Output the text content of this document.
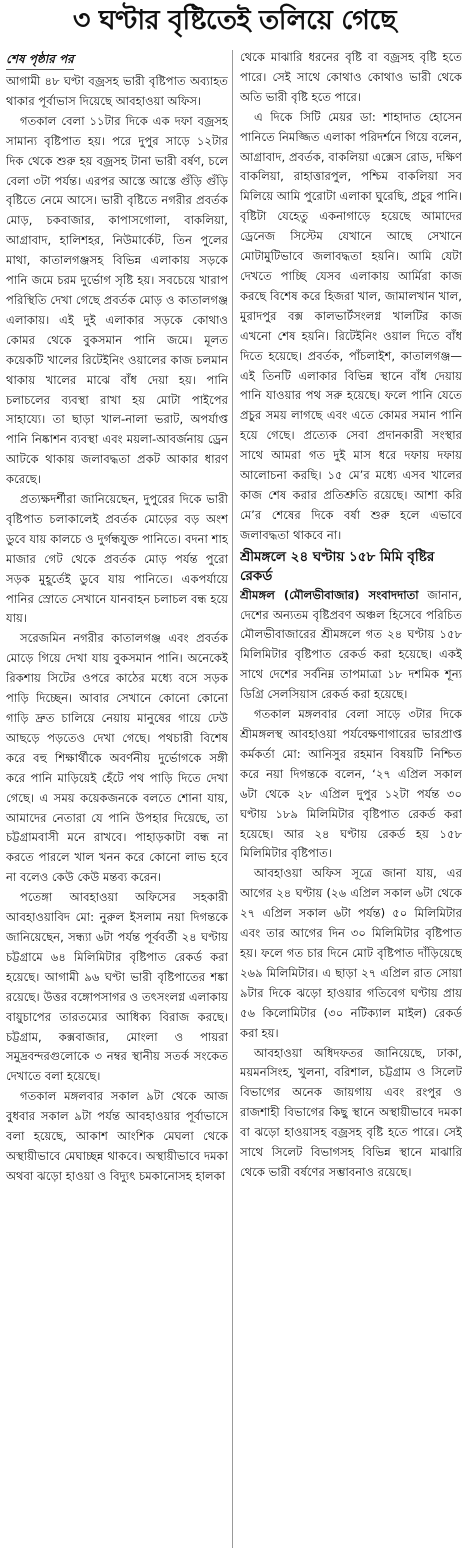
৩ ঘণ্টার বৃষ্টিতেই তলিয়ে গেছে
শেষ পৃষ্ঠার পর

আগামী ৪৮ ঘণ্টা বজ্রসহ ভারী বৃষ্টিপাত অব্যাহত থাকার পূর্বাভাস দিয়েছে আবহাওয়া অফিস।

গতকাল বেলা ১১টার দিকে এক দফা বজ্রসহ সামান্য বৃষ্টিপাত হয়। পরে দুপুর সাড়ে ১২টার দিক থেকে শুরু হয় বজ্রসহ টানা ভারী বর্ষণ, চলে বেলা ৩টা পর্যন্ত। এরপর আস্তে আস্তে গুঁড়ি গুঁড়ি বৃষ্টিতে নেমে আসে। ভারী বৃষ্টিতে নগরীর প্রবর্তক মোড়, চকবাজার, কাপাসগোলা, বাকলিয়া, আগ্রাবাদ, হালিশহর, নিউমার্কেট, তিন পুলের মাথা, কাতালগঞ্জসহ বিভিন্ন এলাকায় সড়কে পানি জমে চরম দুর্ভোগ সৃষ্টি হয়। সবচেয়ে খারাপ পরিস্থিতি দেখা গেছে প্রবর্তক মোড় ও কাতালগঞ্জ এলাকায়। এই দুই এলাকার সড়কে কোথাও কোমর থেকে বুকসমান পানি জমে। মূলত কয়েকটি খালের রিটেইনিং ওয়ালের কাজ চলমান থাকায় খালের মাঝে বাঁধ দেয়া হয়। পানি চলাচলের ব্যবস্থা রাখা হয় মোটা পাইপের সাহায্যে। তা ছাড়া খাল-নালা ভরাট, অপর্যাপ্ত পানি নিষ্কাশন ব্যবস্থা এবং ময়লা-আবর্জনায় ড্রেন আটকে থাকায় জলাবদ্ধতা প্রকট আকার ধারণ করেছে।

প্রত্যক্ষদর্শীরা জানিয়েছেন, দুপুরের দিকে ভারী বৃষ্টিপাত চলাকালেই প্রবর্তক মোড়ের বড় অংশ ডুবে যায় কালচে ও দুর্গন্ধযুক্ত পানিতে। বদনা শাহ মাজার গেট থেকে প্রবর্তক মোড় পর্যন্ত পুরো সড়ক মুহূর্তেই ডুবে যায় পানিতে। একপর্যায়ে পানির স্রোতে সেখানে যানবাহন চলাচল বন্ধ হয়ে যায়।

সরেজমিন নগরীর কাতালগঞ্জ এবং প্রবর্তক মোড়ে গিয়ে দেখা যায় বুকসমান পানি। অনেকেই রিকশায় সিটের ওপরে কাঠের মধ্যে বসে সড়ক পাড়ি দিচ্ছেন। আবার সেখানে কোনো কোনো গাড়ি দ্রুত চালিয়ে নেয়ায় মানুষের গায়ে ঢেউ আছড়ে পড়তেও দেখা গেছে। পথচারী বিশেষ করে বহু শিক্ষার্থীকে অবর্ণনীয় দুর্ভোগকে সঙ্গী করে পানি মাড়িয়েই হেঁটে পথ পাড়ি দিতে দেখা গেছে। এ সময় কয়েকজনকে বলতে শোনা যায়, আমাদের নেতারা যে পানি উপহার দিয়েছে, তা চট্টগ্রামবাসী মনে রাখবে। পাহাড়কাটা বন্ধ না করতে পারলে খাল খনন করে কোনো লাভ হবে না বলেও কেউ কেউ মন্তব্য করেন।

পতেঙ্গা আবহাওয়া অফিসের সহকারী আবহাওয়াবিদ মো: নুরুল ইসলাম নয়া দিগন্তকে জানিয়েছেন, সন্ধ্যা ৬টা পর্যন্ত পূর্ববর্তী ২৪ ঘণ্টায় চট্টগ্রামে ৬৪ মিলিমিটার বৃষ্টিপাত রেকর্ড করা হয়েছে। আগামী ৯৬ ঘণ্টা ভারী বৃষ্টিপাতের শঙ্কা রয়েছে। উত্তর বঙ্গোপসাগর ও তৎসংলগ্ন এলাকায় বায়ুচাপের তারতম্যের আধিক্য বিরাজ করছে। চট্টগ্রাম, কক্সবাজার, মোংলা ও পায়রা সমুদ্রবন্দরগুলোকে ৩ নম্বর স্থানীয় সতর্ক সংকেত দেখাতে বলা হয়েছে।

গতকাল মঙ্গলবার সকাল ৯টা থেকে আজ বুধবার সকাল ৯টা পর্যন্ত আবহাওয়ার পূর্বাভাসে বলা হয়েছে, আকাশ আংশিক মেঘলা থেকে অস্থায়ীভাবে মেঘাচ্ছন্ন থাকবে। অস্থায়ীভাবে দমকা অথবা ঝড়ো হাওয়া ও বিদ্যুৎ চমকানোসহ হালকা

থেকে মাঝারি ধরনের বৃষ্টি বা বজ্রসহ বৃষ্টি হতে পারে। সেই সাথে কোথাও কোথাও ভারী থেকে অতি ভারী বৃষ্টি হতে পারে।

এ দিকে সিটি মেয়র ডা: শাহাদাত হোসেন পানিতে নিমজ্জিত এলাকা পরিদর্শনে গিয়ে বলেন, আগ্রাবাদ, প্রবর্তক, বাকলিয়া এক্সেস রোড, দক্ষিণ বাকলিয়া, রাহাত্তারপুল, পশ্চিম বাকলিয়া সব মিলিয়ে আমি পুরোটা এলাকা ঘুরেছি, প্রচুর পানি। বৃষ্টিটা যেহেতু একনাগাড়ে হয়েছে আমাদের ড্রেনেজ সিস্টেম যেখানে আছে সেখানে মোটামুটিভাবে জলাবদ্ধতা হয়নি। আমি যেটা দেখতে পাচ্ছি যেসব এলাকায় আর্মিরা কাজ করছে বিশেষ করে হিজরা খাল, জামালখান খাল, মুরাদপুর বক্স কালভার্টসংলগ্ন খালটির কাজ এখনো শেষ হয়নি। রিটেইনিং ওয়াল দিতে বাঁধ দিতে হয়েছে। প্রবর্তক, পাঁচলাইশ, কাতালগঞ্জ— এই তিনটি এলাকার বিভিন্ন স্থানে বাঁধ দেয়ায় পানি যাওয়ার পথ সরু হয়েছে। ফলে পানি যেতে প্রচুর সময় লাগছে এবং এতে কোমর সমান পানি হয়ে গেছে। প্রত্যেক সেবা প্রদানকারী সংস্থার সাথে আমরা গত দুই মাস ধরে দফায় দফায় আলোচনা করছি। ১৫ মে’র মধ্যে এসব খালের কাজ শেষ করার প্রতিশ্রুতি রয়েছে। আশা করি মে’র শেষের দিকে বর্ষা শুরু হলে এভাবে জলাবদ্ধতা থাকবে না।

শ্রীমঙ্গলে ২৪ ঘণ্টায় ১৫৮ মিমি বৃষ্টির রেকর্ড

শ্রীমঙ্গল (মৌলভীবাজার) সংবাদদাতা জানান, দেশের অন্যতম বৃষ্টিপ্রবণ অঞ্চল হিসেবে পরিচিত মৌলভীবাজারের শ্রীমঙ্গলে গত ২৪ ঘণ্টায় ১৫৮ মিলিমিটার বৃষ্টিপাত রেকর্ড করা হয়েছে। একই সাথে দেশের সর্বনিম্ন তাপমাত্রা ১৮ দশমিক শূন্য ডিগ্রি সেলসিয়াস রেকর্ড করা হয়েছে।

গতকাল মঙ্গলবার বেলা সাড়ে ৩টার দিকে শ্রীমঙ্গলস্থ আবহাওয়া পর্যবেক্ষণাগারের ভারপ্রাপ্ত কর্মকর্তা মো: আনিসুর রহমান বিষয়টি নিশ্চিত করে নয়া দিগন্তকে বলেন, ‘২৭ এপ্রিল সকাল ৬টা থেকে ২৮ এপ্রিল দুপুর ১২টা পর্যন্ত ৩০ ঘণ্টায় ১৮৯ মিলিমিটার বৃষ্টিপাত রেকর্ড করা হয়েছে। আর ২৪ ঘণ্টায় রেকর্ড হয় ১৫৮ মিলিমিটার বৃষ্টিপাত।

আবহাওয়া অফিস সূত্রে জানা যায়, এর আগের ২৪ ঘণ্টায় (২৬ এপ্রিল সকাল ৬টা থেকে ২৭ এপ্রিল সকাল ৬টা পর্যন্ত) ৫০ মিলিমিটার এবং তার আগের দিন ৩০ মিলিমিটার বৃষ্টিপাত হয়। ফলে গত চার দিনে মোট বৃষ্টিপাত দাঁড়িয়েছে ২৬৯ মিলিমিটার। এ ছাড়া ২৭ এপ্রিল রাত সোয়া ৯টার দিকে ঝড়ো হাওয়ার গতিবেগ ঘণ্টায় প্রায় ৫৬ কিলোমিটার (৩০ নটিক্যাল মাইল) রেকর্ড করা হয়।

আবহাওয়া অধিদফতর জানিয়েছে, ঢাকা, ময়মনসিংহ, খুলনা, বরিশাল, চট্টগ্রাম ও সিলেট বিভাগের অনেক জায়গায় এবং রংপুর ও রাজশাহী বিভাগের কিছু স্থানে অস্থায়ীভাবে দমকা বা ঝড়ো হাওয়াসহ বজ্রসহ বৃষ্টি হতে পারে। সেই সাথে সিলেট বিভাগসহ বিভিন্ন স্থানে মাঝারি থেকে ভারী বর্ষণের সম্ভাবনাও রয়েছে।
